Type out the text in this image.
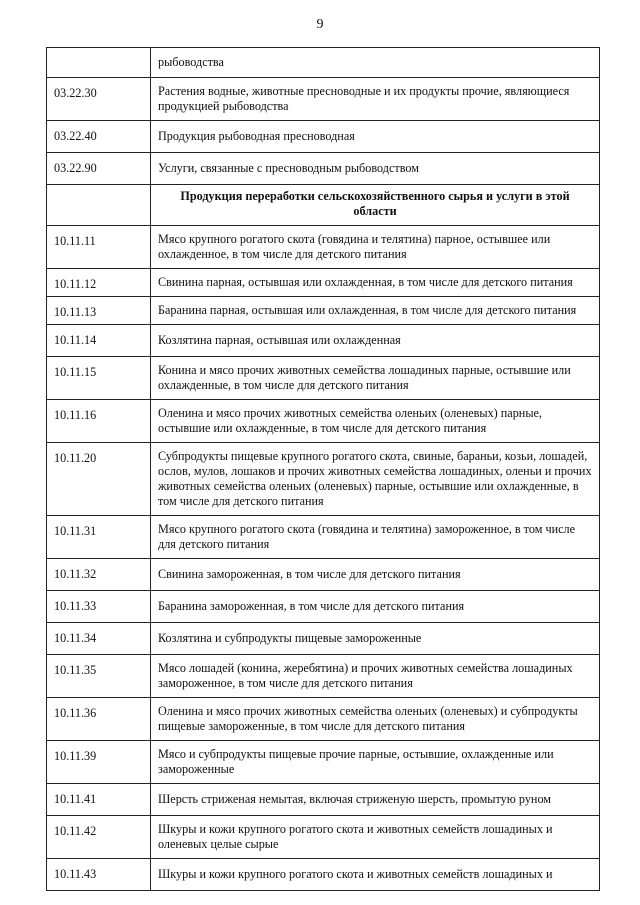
9

	рыбоводства

03.22.30	Растения водные, животные пресноводные и их продукты прочие, являющиеся продукцией рыбоводства

03.22.40	Продукция рыбоводная пресноводная

03.22.90	Услуги, связанные с пресноводным рыбоводством

	Продукция переработки сельскохозяйственного сырья и услуги в этой области

10.11.11	Мясо крупного рогатого скота (говядина и телятина) парное, остывшее или охлажденное, в том числе для детского питания

10.11.12	Свинина парная, остывшая или охлажденная, в том числе для детского питания

10.11.13	Баранина парная, остывшая или охлажденная, в том числе для детского питания

10.11.14	Козлятина парная, остывшая или охлажденная

10.11.15	Конина и мясо прочих животных семейства лошадиных парные, остывшие или охлажденные, в том числе для детского питания

10.11.16	Оленина и мясо прочих животных семейства оленьих (оленевых) парные, остывшие или охлажденные, в том числе для детского питания

10.11.20	Субпродукты пищевые крупного рогатого скота, свиные, бараньи, козьи, лошадей, ослов, мулов, лошаков и прочих животных семейства лошадиных, оленьи и прочих животных семейства оленьих (оленевых) парные, остывшие или охлажденные, в том числе для детского питания

10.11.31	Мясо крупного рогатого скота (говядина и телятина) замороженное, в том числе для детского питания

10.11.32	Свинина замороженная, в том числе для детского питания

10.11.33	Баранина замороженная, в том числе для детского питания

10.11.34	Козлятина и субпродукты пищевые замороженные

10.11.35	Мясо лошадей (конина, жеребятина) и прочих животных семейства лошадиных замороженное, в том числе для детского питания

10.11.36	Оленина и мясо прочих животных семейства оленьих (оленевых) и субпродукты пищевые замороженные, в том числе для детского питания

10.11.39	Мясо и субпродукты пищевые прочие парные, остывшие, охлажденные или замороженные

10.11.41	Шерсть стриженая немытая, включая стриженую шерсть, промытую руном

10.11.42	Шкуры и кожи крупного рогатого скота и животных семейств лошадиных и оленевых целые сырые

10.11.43	Шкуры и кожи крупного рогатого скота и животных семейств лошадиных и
